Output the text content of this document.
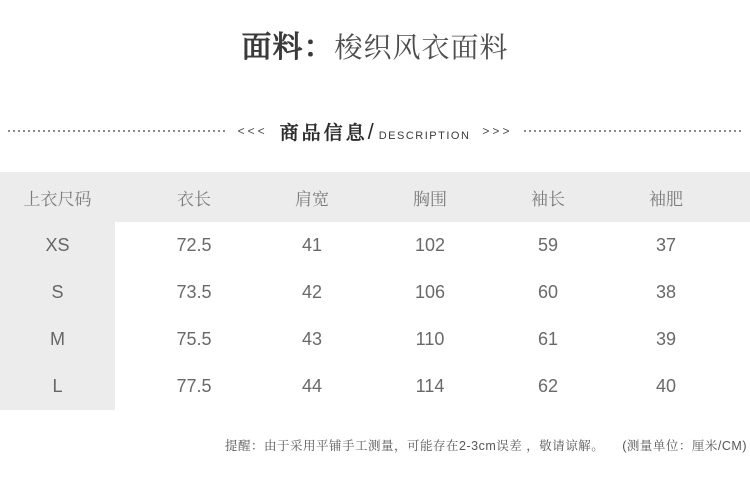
面料： 梭织风衣面料
<<< 商品信息 / DESCRIPTION >>>
上衣尺码	衣长	肩宽	胸围	袖长	袖肥
XS	72.5	41	102	59	37
S	73.5	42	106	60	38
M	75.5	43	110	61	39
L	77.5	44	114	62	40
提醒：由于采用平铺手工测量，可能存在2-3cm误差 ，敬请谅解。 (测量单位：厘米/CM)
